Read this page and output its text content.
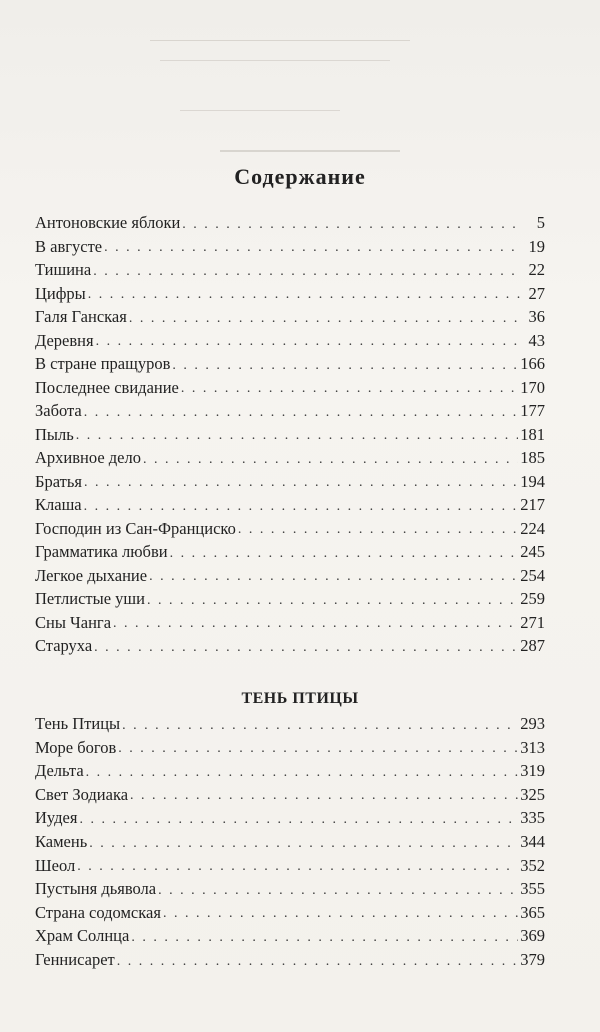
Содержание
Антоновские яблоки . . .	5
В августе . . .	19
Тишина . . .	22
Цифры . . .	27
Галя Ганская . . .	36
Деревня . . .	43
В стране пращуров . . .	166
Последнее свидание . . .	170
Забота . . .	177
Пыль . . .	181
Архивное дело . . .	185
Братья . . .	194
Клаша . . .	217
Господин из Сан-Франциско . . .	224
Грамматика любви . . .	245
Легкое дыхание . . .	254
Петлистые уши . . .	259
Сны Чанга . . .	271
Старуха . . .	287
ТЕНЬ ПТИЦЫ
Тень Птицы . . .	293
Море богов . . .	313
Дельта . . .	319
Свет Зодиака . . .	325
Иудея . . .	335
Камень . . .	344
Шеол . . .	352
Пустыня дьявола . . .	355
Страна содомская . . .	365
Храм Солнца . . .	369
Геннисарет . . .	379
